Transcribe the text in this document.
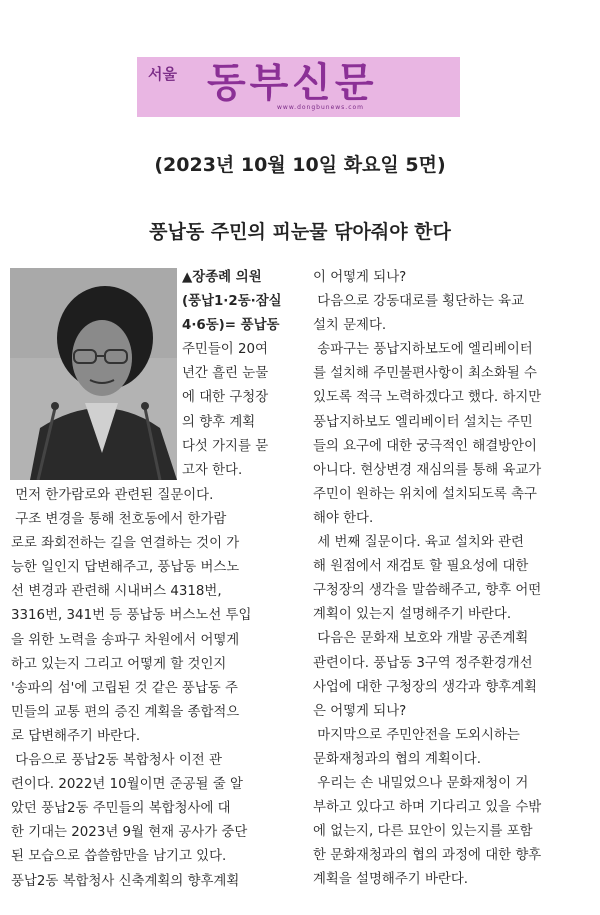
서울 동부신문
www.dongbunews.com
(2023년 10월 10일 화요일 5면)
풍납동 주민의 피눈물 닦아줘야 한다
▲장종례 의원
(풍납1·2동·잠실
4·6동)= 풍납동
주민들이 20여
년간 흘린 눈물
에 대한 구청장
의 향후 계획
다섯 가지를 묻
고자 한다.
먼저 한가람로와 관련된 질문이다.
구조 변경을 통해 천호동에서 한가람
로로 좌회전하는 길을 연결하는 것이 가
능한 일인지 답변해주고, 풍납동 버스노
선 변경과 관련해 시내버스 4318번,
3316번, 341번 등 풍납동 버스노선 투입
을 위한 노력을 송파구 차원에서 어떻게
하고 있는지 그리고 어떻게 할 것인지
'송파의 섬'에 고립된 것 같은 풍납동 주
민들의 교통 편의 증진 계획을 종합적으
로 답변해주기 바란다.
다음으로 풍납2동 복합청사 이전 관
련이다. 2022년 10월이면 준공될 줄 알
았던 풍납2동 주민들의 복합청사에 대
한 기대는 2023년 9월 현재 공사가 중단
된 모습으로 씁쓸함만을 남기고 있다.
풍납2동 복합청사 신축계획의 향후계획
이 어떻게 되나?
다음으로 강동대로를 횡단하는 육교
설치 문제다.
송파구는 풍납지하보도에 엘리베이터
를 설치해 주민불편사항이 최소화될 수
있도록 적극 노력하겠다고 했다. 하지만
풍납지하보도 엘리베이터 설치는 주민
들의 요구에 대한 궁극적인 해결방안이
아니다. 현상변경 재심의를 통해 육교가
주민이 원하는 위치에 설치되도록 촉구
해야 한다.
세 번째 질문이다. 육교 설치와 관련
해 원점에서 재검토 할 필요성에 대한
구청장의 생각을 말씀해주고, 향후 어떤
계획이 있는지 설명해주기 바란다.
다음은 문화재 보호와 개발 공존계획
관련이다. 풍납동 3구역 정주환경개선
사업에 대한 구청장의 생각과 향후계획
은 어떻게 되나?
마지막으로 주민안전을 도외시하는
문화재청과의 협의 계획이다.
우리는 손 내밀었으나 문화재청이 거
부하고 있다고 하며 기다리고 있을 수밖
에 없는지, 다른 묘안이 있는지를 포함
한 문화재청과의 협의 과정에 대한 향후
계획을 설명해주기 바란다.
